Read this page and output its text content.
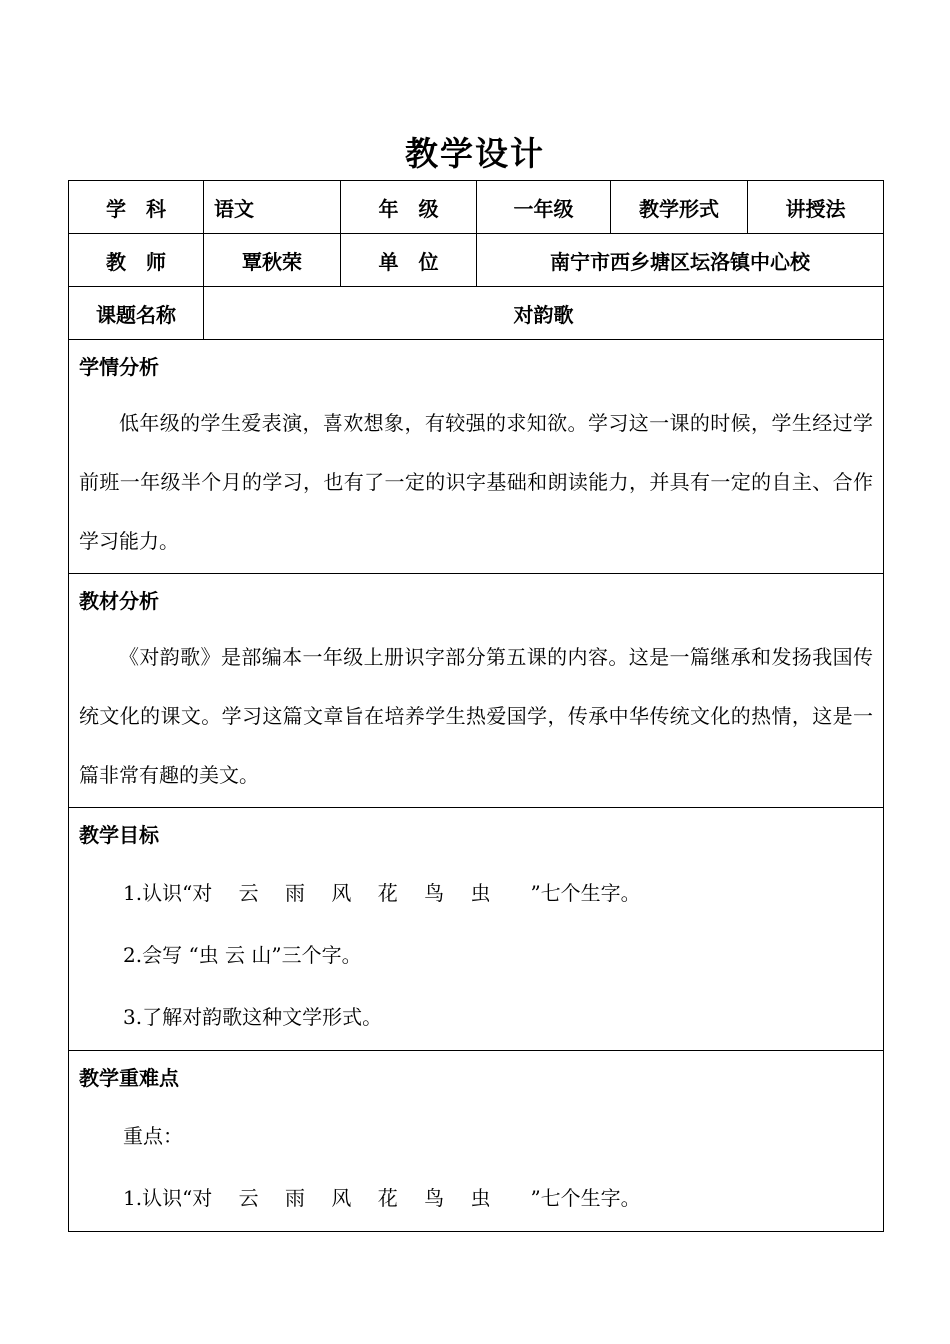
教学设计
学　科	语文	年　级	一年级	教学形式	讲授法
教　师	覃秋荣	单　位	南宁市西乡塘区坛洛镇中心校		
课题名称	对韵歌				

学情分析

低年级的学生爱表演，喜欢想象，有较强的求知欲。学习这一课的时候，学生经过学前班一年级半个月的学习，也有了一定的识字基础和朗读能力，并具有一定的自主、合作学习能力。					

教材分析

《对韵歌》是部编本一年级上册识字部分第五课的内容。这是一篇继承和发扬我国传统文化的课文。学习这篇文章旨在培养学生热爱国学，传承中华传统文化的热情，这是一篇非常有趣的美文。					

教学目标
1.认识“对　 云　 雨　 风　 花　 鸟　 虫　　”七个生字。
2.会写 “虫 云 山”三个字。
3.了解对韵歌这种文学形式。					

教学重难点
重点：
1.认识“对　 云　 雨　 风　 花　 鸟　 虫　　”七个生字。					
